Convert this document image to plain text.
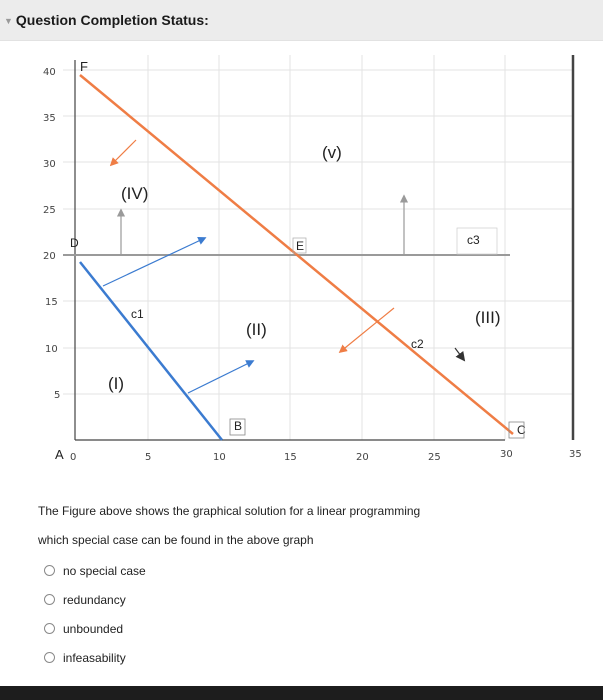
▼ Question Completion Status:
40
35
30
25
20
15
10
5
0	5	10	15	20	25	30	35
F
D	E
A
B	C
c1
c2
c3
(I)
(II)
(III)
(IV)
(v)
The Figure above shows the graphical solution for a linear programming
which special case can be found in the above graph
no special case
redundancy
unbounded
infeasability
